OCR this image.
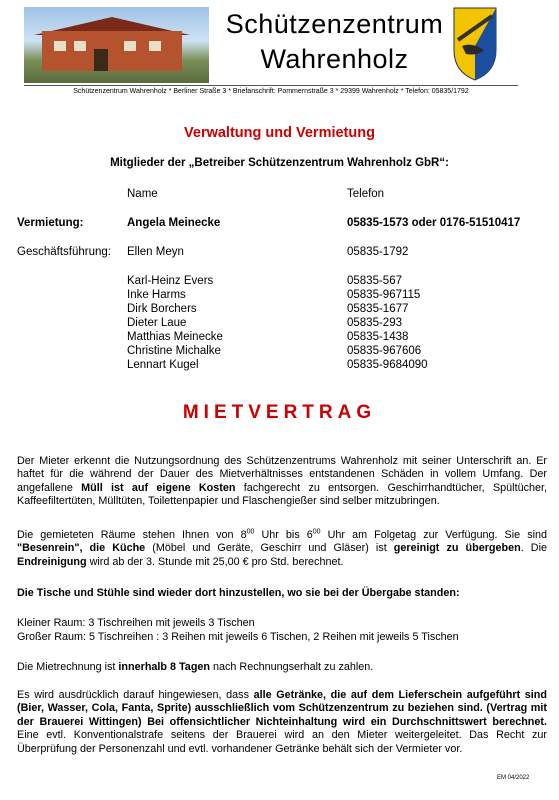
Schützenzentrum
Wahrenholz
Schützenzentrum Wahrenholz * Berliner Straße 3 * Briefanschrift: Pommernstraße 3 * 29399 Wahrenholz * Telefon: 05835/1792
Verwaltung und Vermietung
Mitglieder der „Betreiber Schützenzentrum Wahrenholz GbR“:
Name	Telefon
Vermietung:	Angela Meinecke	05835-1573 oder 0176-51510417
Geschäftsführung: Ellen Meyn	05835-1792
Karl-Heinz Evers	05835-567
Inke Harms	05835-967115
Dirk Borchers	05835-1677
Dieter Laue	05835-293
Matthias Meinecke	05835-1438
Christine Michalke	05835-967606
Lennart Kugel	05835-9684090
MIETVERTRAG
Der Mieter erkennt die Nutzungsordnung des Schützenzentrums Wahrenholz mit seiner Unterschrift an. Er haftet für die während der Dauer des Mietverhältnisses entstandenen Schäden in vollem Umfang. Der angefallene Müll ist auf eigene Kosten fachgerecht zu entsorgen. Geschirrhandtücher, Spültücher, Kaffeefiltertüten, Mülltüten, Toilettenpapier und Flaschengießer sind selber mitzubringen.
Die gemieteten Räume stehen Ihnen von $8^{00}$ Uhr bis $6^{00}$ Uhr am Folgetag zur Verfügung. Sie sind "Besenrein", die Küche (Möbel und Geräte, Geschirr und Gläser) ist gereinigt zu übergeben. Die Endreinigung wird ab der 3. Stunde mit 25,00 € pro Std. berechnet.
Die Tische und Stühle sind wieder dort hinzustellen, wo sie bei der Übergabe standen:
Kleiner Raum: 3 Tischreihen mit jeweils 3 Tischen
Großer Raum: 5 Tischreihen : 3 Reihen mit jeweils 6 Tischen, 2 Reihen mit jeweils 5 Tischen
Die Mietrechnung ist innerhalb 8 Tagen nach Rechnungserhalt zu zahlen.
Es wird ausdrücklich darauf hingewiesen, dass alle Getränke, die auf dem Lieferschein aufgeführt sind (Bier, Wasser, Cola, Fanta, Sprite) ausschließlich vom Schützenzentrum zu beziehen sind. (Vertrag mit der Brauerei Wittingen) Bei offensichtlicher Nichteinhaltung wird ein Durchschnittswert berechnet. Eine evtl. Konventionalstrafe seitens der Brauerei wird an den Mieter weitergeleitet. Das Recht zur Überprüfung der Personenzahl und evtl. vorhandener Getränke behält sich der Vermieter vor.
EM 04/2022
